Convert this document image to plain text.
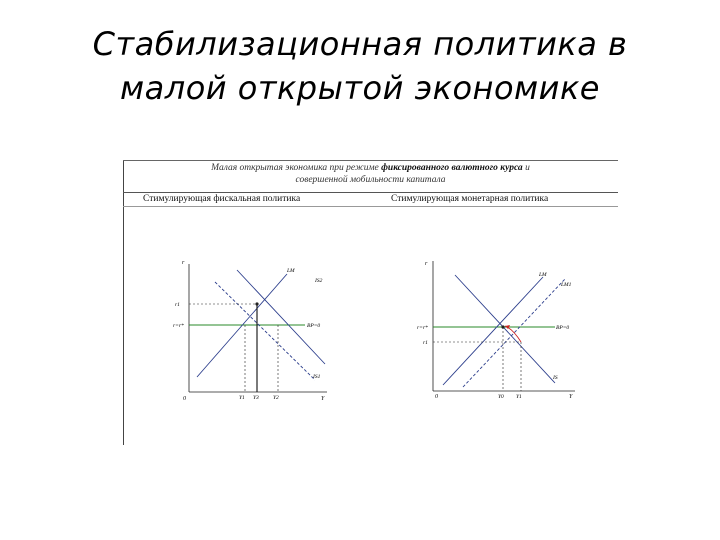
Стабилизационная политика в
малой открытой экономике
Малая открытая экономика при режиме фиксированного валютного курса и
совершенной мобильности капитала
Стимулирующая фискальная политика	Стимулирующая монетарная политика
r
Y
0
BP=0
LM
IS1
IS2
r1
r=r*
Y1 Y3	Y2
r
Y
0
BP=0
LM
LM1
IS
r1
r=r*
Y0 Y1
